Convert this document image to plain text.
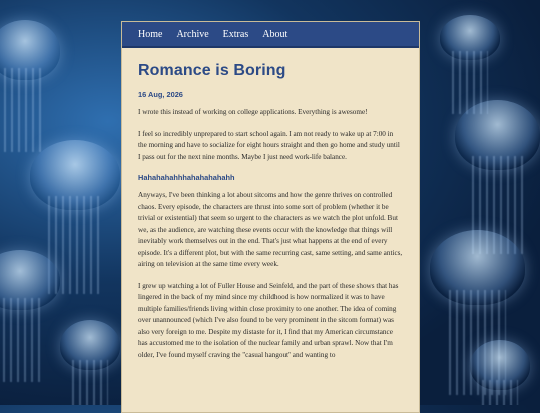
Home Archive Extras About
Romance is Boring
16 Aug, 2026

I wrote this instead of working on college applications. Everything is awesome!

I feel so incredibly unprepared to start school again. I am not ready to wake up at 7:00 in the morning and have to socialize for eight hours straight and then go home and study until I pass out for the next nine months. Maybe I just need work-life balance.

Hahahahahhhahahahahahh

Anyways, I've been thinking a lot about sitcoms and how the genre thrives on controlled chaos. Every episode, the characters are thrust into some sort of problem (whether it be trivial or existential) that seem so urgent to the characters as we watch the plot unfold. But we, as the audience, are watching these events occur with the knowledge that things will inevitably work themselves out in the end. That's just what happens at the end of every episode. It's a different plot, but with the same recurring cast, same setting, and same antics, airing on television at the same time every week.

I grew up watching a lot of Fuller House and Seinfeld, and the part of these shows that has lingered in the back of my mind since my childhood is how normalized it was to have multiple families/friends living within close proximity to one another. The idea of coming over unannounced (which I've also found to be very prominent in the sitcom format) was also very foreign to me. Despite my distaste for it, I find that my American circumstance has accustomed me to the isolation of the nuclear family and urban sprawl. Now that I'm older, I've found myself craving the "casual hangout" and wanting to
